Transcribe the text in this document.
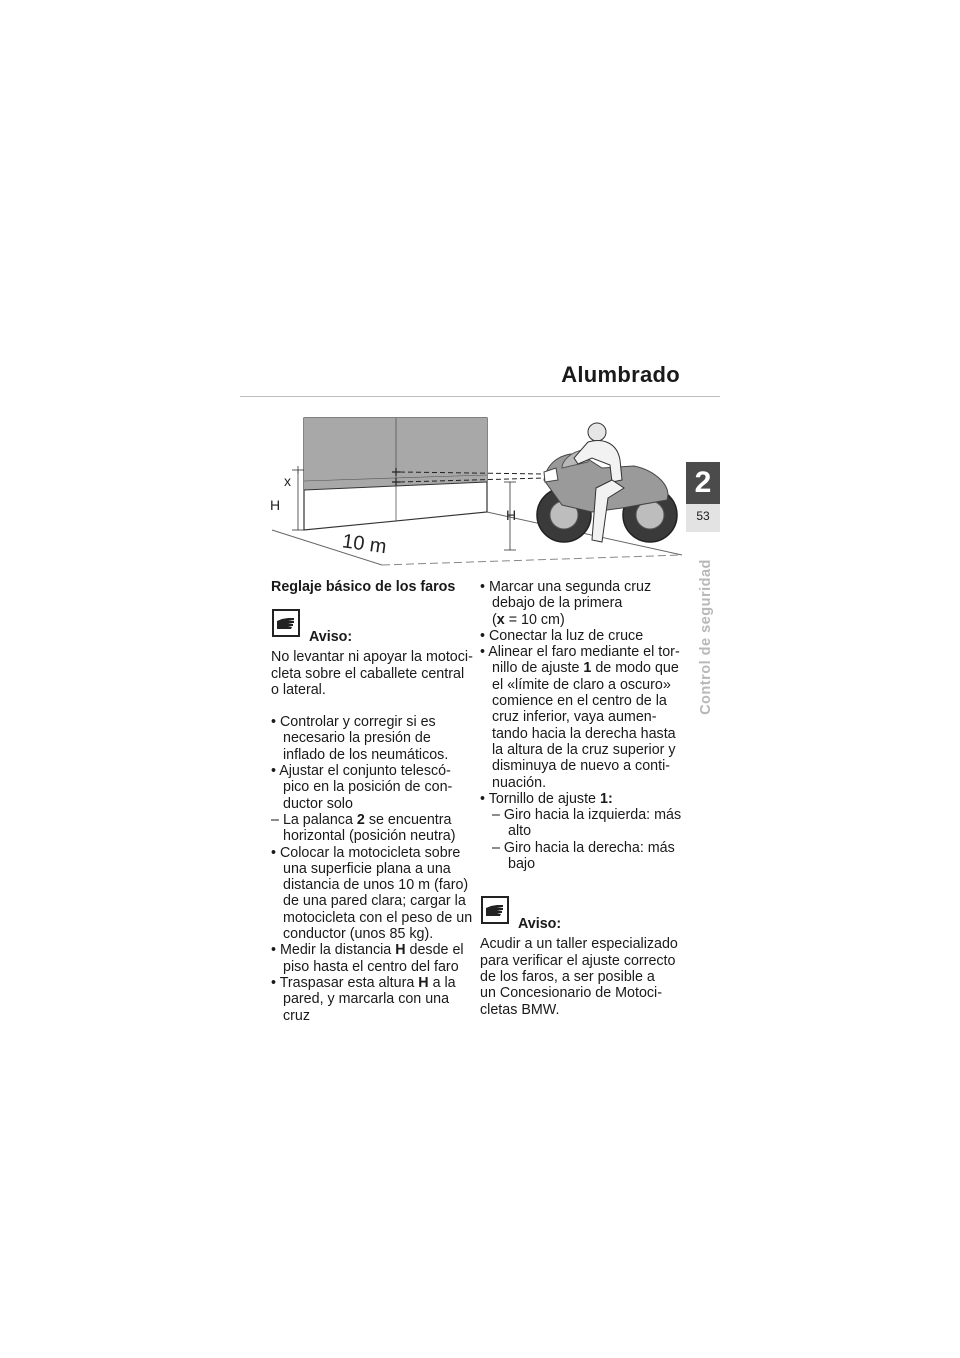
Alumbrado
2
53
Control de seguridad
x
H
H
10 m

Reglaje básico de los faros

Aviso:

No levantar ni apoyar la motoci-

cleta sobre el caballete central

o lateral.

• Controlar y corregir si es

necesario la presión de

inflado de los neumáticos.

• Ajustar el conjunto telescó-

pico en la posición de con-

ductor solo

– La palanca 2 se encuentra

horizontal (posición neutra)

• Colocar la motocicleta sobre

una superficie plana a una

distancia de unos 10 m (faro)

de una pared clara; cargar la

motocicleta con el peso de un

conductor (unos 85 kg).

• Medir la distancia H desde el

piso hasta el centro del faro

• Traspasar esta altura H a la

pared, y marcarla con una cruz

• Marcar una segunda cruz

debajo de la primera

(x = 10 cm)

• Conectar la luz de cruce

• Alinear el faro mediante el tor-

nillo de ajuste 1 de modo que

el «límite de claro a oscuro»

comience en el centro de la

cruz inferior, vaya aumen-

tando hacia la derecha hasta

la altura de la cruz superior y

disminuya de nuevo a conti-

nuación.

• Tornillo de ajuste 1:

– Giro hacia la izquierda: más

alto

– Giro hacia la derecha: más

bajo

Aviso:

Acudir a un taller especializado

para verificar el ajuste correcto

de los faros, a ser posible a

un Concesionario de Motoci-

cletas BMW.
